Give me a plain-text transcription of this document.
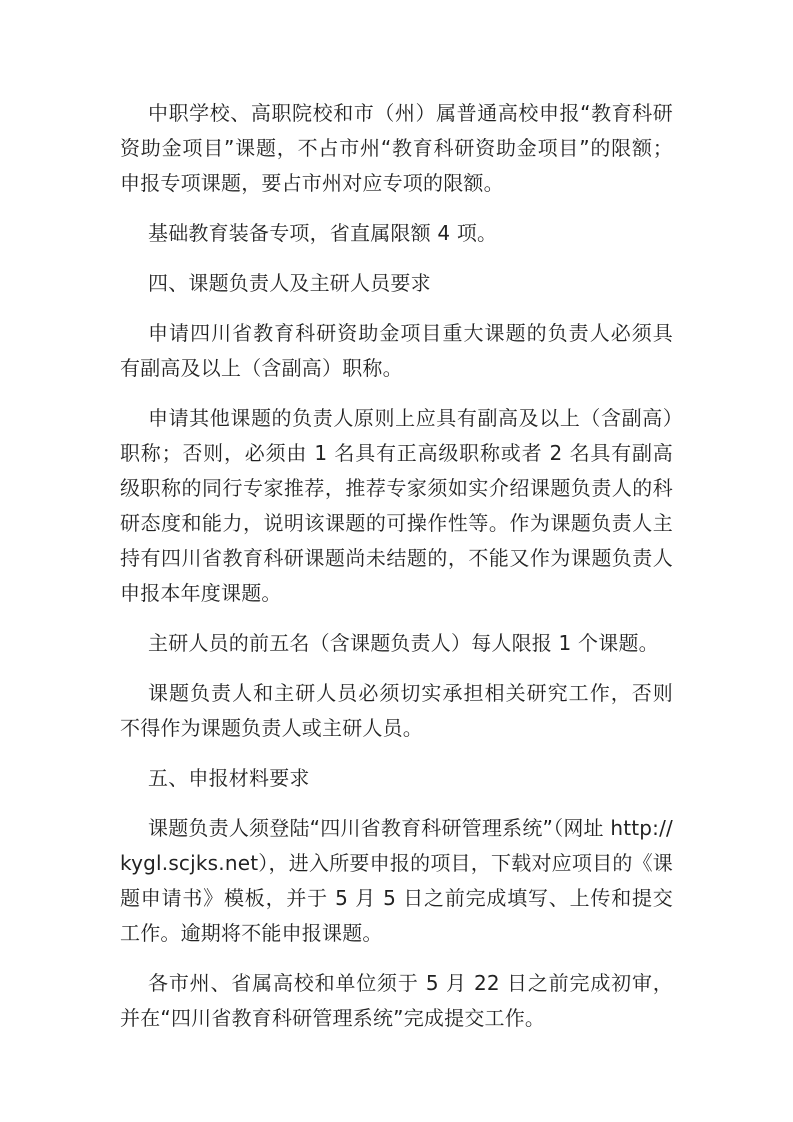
中职学校、高职院校和市（州）属普通高校申报“教育科研资助金项目”课题，不占市州“教育科研资助金项目”的限额；申报专项课题，要占市州对应专项的限额。

基础教育装备专项，省直属限额 4 项。

四、课题负责人及主研人员要求

申请四川省教育科研资助金项目重大课题的负责人必须具有副高及以上（含副高）职称。

申请其他课题的负责人原则上应具有副高及以上（含副高）职称；否则，必须由 1 名具有正高级职称或者 2 名具有副高级职称的同行专家推荐，推荐专家须如实介绍课题负责人的科研态度和能力，说明该课题的可操作性等。作为课题负责人主持有四川省教育科研课题尚未结题的，不能又作为课题负责人申报本年度课题。

主研人员的前五名（含课题负责人）每人限报 1 个课题。

课题负责人和主研人员必须切实承担相关研究工作，否则不得作为课题负责人或主研人员。

五、申报材料要求

课题负责人须登陆“四川省教育科研管理系统”（网址 http://kygl.scjks.net），进入所要申报的项目，下载对应项目的《课题申请书》模板，并于 5 月 5 日之前完成填写、上传和提交工作。逾期将不能申报课题。

各市州、省属高校和单位须于 5 月 22 日之前完成初审，并在“四川省教育科研管理系统”完成提交工作。
